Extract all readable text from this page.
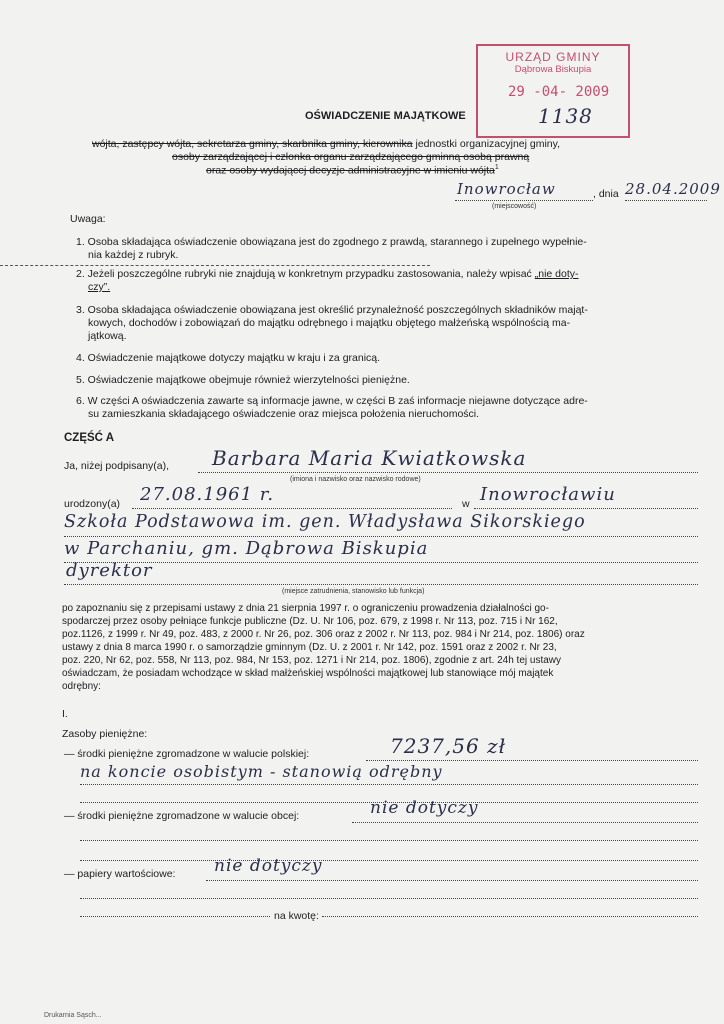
URZĄD GMINY
Dąbrowa Biskupia
29 -04- 2009
1138
OŚWIADCZENIE MAJĄTKOWE
wójta, zastępcy wójta, sekretarza gminy, skarbnika gminy, kierownika jednostki organizacyjnej gminy,
osoby zarządzającej i członka organu zarządzającego gminną osobą prawną
oraz osoby wydającej decyzje administracyjne w imieniu wójta$^1$
Inowrocław	, dnia 28.04.2009
(miejscowość)
Uwaga:
1. Osoba składająca oświadczenie obowiązana jest do zgodnego z prawdą, starannego i zupełnego wypełnie-
nia każdej z rubryk.
2. Jeżeli poszczególne rubryki nie znajdują w konkretnym przypadku zastosowania, należy wpisać „nie doty-
czy”.
3. Osoba składająca oświadczenie obowiązana jest określić przynależność poszczególnych składników mająt-
kowych, dochodów i zobowiązań do majątku odrębnego i majątku objętego małżeńską wspólnością ma-
jątkową.
4. Oświadczenie majątkowe dotyczy majątku w kraju i za granicą.
5. Oświadczenie majątkowe obejmuje również wierzytelności pieniężne.
6. W części A oświadczenia zawarte są informacje jawne, w części B zaś informacje niejawne dotyczące adre-
su zamieszkania składającego oświadczenie oraz miejsca położenia nieruchomości.
CZĘŚĆ A
Ja, niżej podpisany(a), Barbara Maria Kwiatkowska
(imiona i nazwisko oraz nazwisko rodowe)
urodzony(a) 27.08.1961 r.	w Inowrocławiu
Szkoła Podstawowa im. gen. Władysława Sikorskiego
w Parchaniu, gm. Dąbrowa Biskupia
dyrektor
(miejsce zatrudnienia, stanowisko lub funkcja)
po zapoznaniu się z przepisami ustawy z dnia 21 sierpnia 1997 r. o ograniczeniu prowadzenia działalności go-
spodarczej przez osoby pełniące funkcje publiczne (Dz. U. Nr 106, poz. 679, z 1998 r. Nr 113, poz. 715 i Nr 162,
poz.1126, z 1999 r. Nr 49, poz. 483, z 2000 r. Nr 26, poz. 306 oraz z 2002 r. Nr 113, poz. 984 i Nr 214, poz. 1806) oraz
ustawy z dnia 8 marca 1990 r. o samorządzie gminnym (Dz. U. z 2001 r. Nr 142, poz. 1591 oraz z 2002 r. Nr 23,
poz. 220, Nr 62, poz. 558, Nr 113, poz. 984, Nr 153, poz. 1271 i Nr 214, poz. 1806), zgodnie z art. 24h tej ustawy
oświadczam, że posiadam wchodzące w skład małżeńskiej wspólności majątkowej lub stanowiące mój majątek
odrębny:
I.
Zasoby pieniężne:
— środki pieniężne zgromadzone w walucie polskiej:	7237,56 zł
na koncie osobistym - stanowią odrębny
— środki pieniężne zgromadzone w walucie obcej:	nie dotyczy
— papiery wartościowe: nie dotyczy
na kwotę:
Drukarnia Sąsch...
